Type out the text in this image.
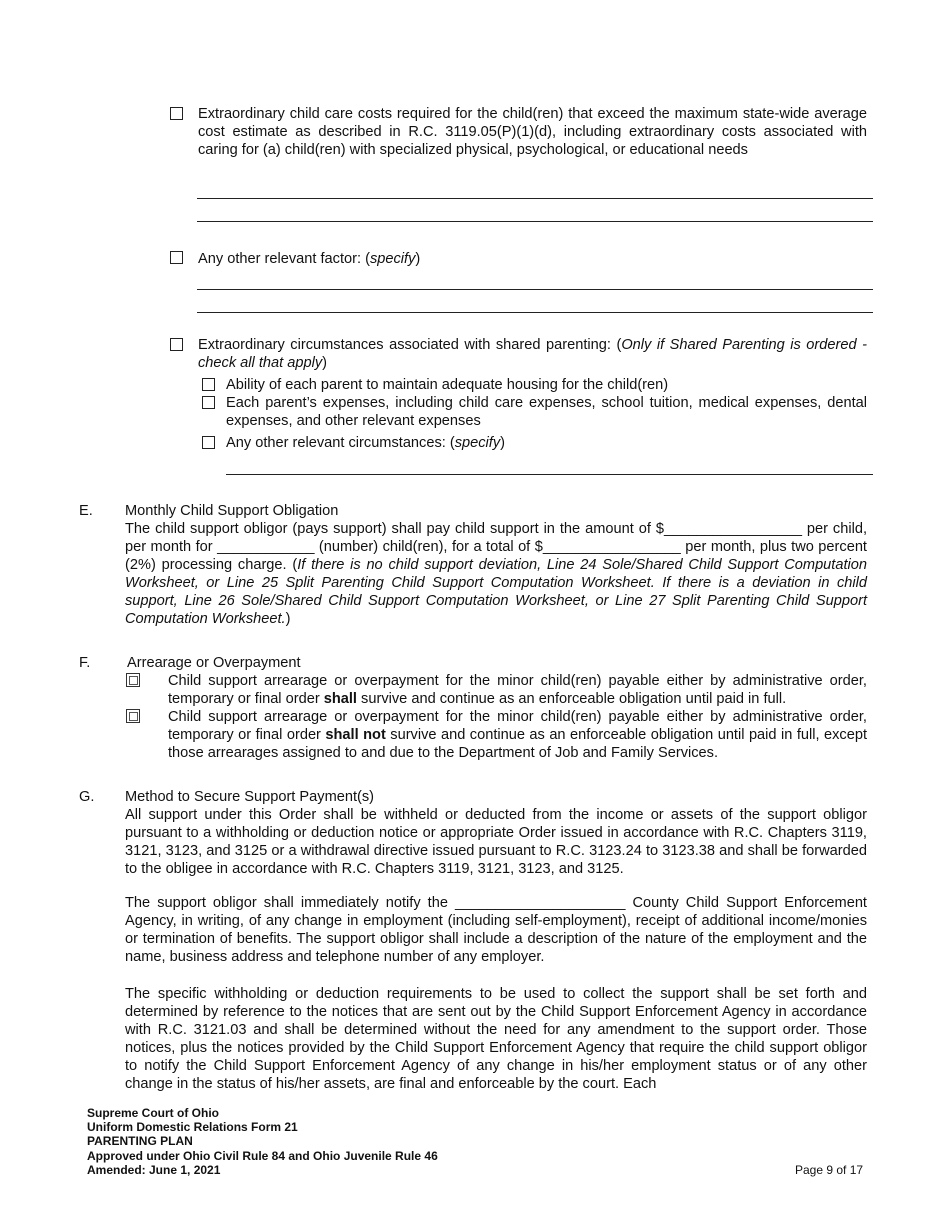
Extraordinary child care costs required for the child(ren) that exceed the maximum state-wide average cost estimate as described in R.C. 3119.05(P)(1)(d), including extraordinary costs associated with caring for (a) child(ren) with specialized physical, psychological, or educational needs
Any other relevant factor: (specify)
Extraordinary circumstances associated with shared parenting: (Only if Shared Parenting is ordered - check all that apply)
Ability of each parent to maintain adequate housing for the child(ren)
Each parent’s expenses, including child care expenses, school tuition, medical expenses, dental expenses, and other relevant expenses
Any other relevant circumstances: (specify)
E. Monthly Child Support Obligation
The child support obligor (pays support) shall pay child support in the amount of $_________________ per child, per month for ____________ (number) child(ren), for a total of $_________________ per month, plus two percent (2%) processing charge. (If there is no child support deviation, Line 24 Sole/Shared Child Support Computation Worksheet, or Line 25 Split Parenting Child Support Computation Worksheet. If there is a deviation in child support, Line 26 Sole/Shared Child Support Computation Worksheet, or Line 27 Split Parenting Child Support Computation Worksheet.)
F.	Arrearage or Overpayment
Child support arrearage or overpayment for the minor child(ren) payable either by administrative order, temporary or final order shall survive and continue as an enforceable obligation until paid in full.
Child support arrearage or overpayment for the minor child(ren) payable either by administrative order, temporary or final order shall not survive and continue as an enforceable obligation until paid in full, except those arrearages assigned to and due to the Department of Job and Family Services.
G. Method to Secure Support Payment(s)
All support under this Order shall be withheld or deducted from the income or assets of the support obligor pursuant to a withholding or deduction notice or appropriate Order issued in accordance with R.C. Chapters 3119, 3121, 3123, and 3125 or a withdrawal directive issued pursuant to R.C. 3123.24 to 3123.38 and shall be forwarded to the obligee in accordance with R.C. Chapters 3119, 3121, 3123, and 3125.
The support obligor shall immediately notify the _____________________ County Child Support Enforcement Agency, in writing, of any change in employment (including self-employment), receipt of additional income/monies or termination of benefits. The support obligor shall include a description of the nature of the employment and the name, business address and telephone number of any employer.
The specific withholding or deduction requirements to be used to collect the support shall be set forth and determined by reference to the notices that are sent out by the Child Support Enforcement Agency in accordance with R.C. 3121.03 and shall be determined without the need for any amendment to the support order. Those notices, plus the notices provided by the Child Support Enforcement Agency that require the child support obligor to notify the Child Support Enforcement Agency of any change in his/her employment status or of any other change in the status of his/her assets, are final and enforceable by the court. Each
Supreme Court of Ohio
Uniform Domestic Relations Form 21
PARENTING PLAN
Approved under Ohio Civil Rule 84 and Ohio Juvenile Rule 46
Amended: June 1, 2021	Page 9 of 17
